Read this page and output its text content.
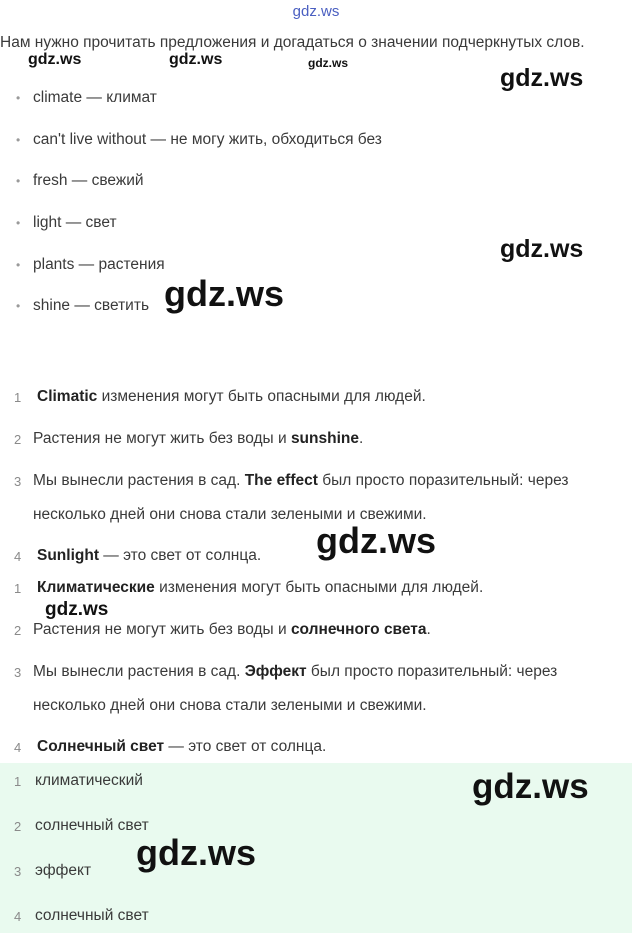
gdz.ws
Нам нужно прочитать предложения и догадаться о значении подчеркнутых слов.
• climate — климат
• can't live without — не могу жить, обходиться без
• fresh — свежий
• light — свет
• plants — растения
• shine — светить
1 Climatic изменения могут быть опасными для людей.
2 Растения не могут жить без воды и sunshine.
3 Мы вынесли растения в сад. The effect был просто поразительный: через
несколько дней они снова стали зелеными и свежими.
4 Sunlight — это свет от солнца.
1 Климатические изменения могут быть опасными для людей.
2 Растения не могут жить без воды и солнечного света.
3 Мы вынесли растения в сад. Эффект был просто поразительный: через
несколько дней они снова стали зелеными и свежими.
4 Солнечный свет — это свет от солнца.
1 климатический
2 солнечный свет
3 эффект
4 солнечный свет
gdz.ws	gdz.ws	gdz.ws
gdz.ws
gdz.ws
gdz.ws
gdz.ws
gdz.ws
gdz.ws
gdz.ws
